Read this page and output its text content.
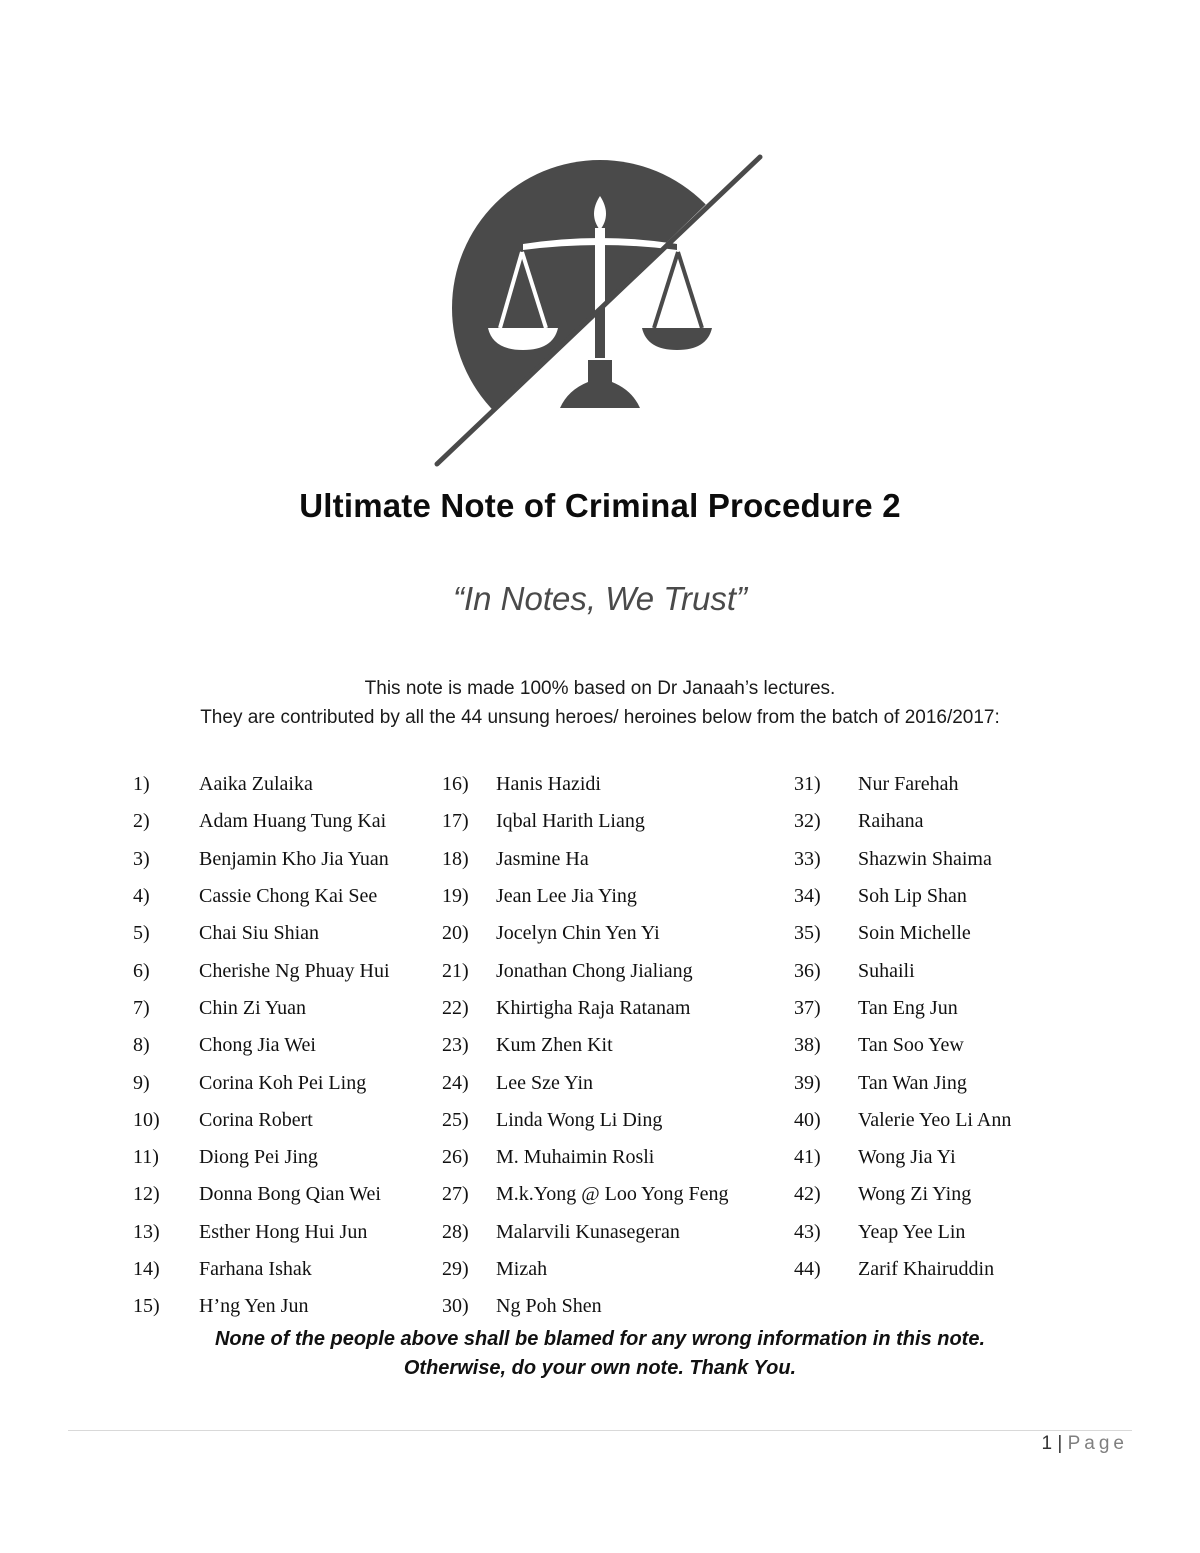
Ultimate Note of Criminal Procedure 2
“In Notes, We Trust”
This note is made 100% based on Dr Janaah’s lectures.
They are contributed by all the 44 unsung heroes/ heroines below from the batch of 2016/2017:
1)	Aaika Zulaika
2)	Adam Huang Tung Kai
3)	Benjamin Kho Jia Yuan
4)	Cassie Chong Kai See
5)	Chai Siu Shian
6)	Cherishe Ng Phuay Hui
7)	Chin Zi Yuan
8)	Chong Jia Wei
9)	Corina Koh Pei Ling
10)	Corina Robert
11)	Diong Pei Jing
12)	Donna Bong Qian Wei
13)	Esther Hong Hui Jun
14)	Farhana Ishak
15)	H’ng Yen Jun
16)	Hanis Hazidi
17)	Iqbal Harith Liang
18)	Jasmine Ha
19)	Jean Lee Jia Ying
20)	Jocelyn Chin Yen Yi
21)	Jonathan Chong Jialiang
22)	Khirtigha Raja Ratanam
23)	Kum Zhen Kit
24)	Lee Sze Yin
25)	Linda Wong Li Ding
26)	M. Muhaimin Rosli
27)	M.k.Yong @ Loo Yong Feng
28)	Malarvili Kunasegeran
29)	Mizah
30)	Ng Poh Shen
31)	Nur Farehah
32)	Raihana
33)	Shazwin Shaima
34)	Soh Lip Shan
35)	Soin Michelle
36)	Suhaili
37)	Tan Eng Jun
38)	Tan Soo Yew
39)	Tan Wan Jing
40)	Valerie Yeo Li Ann
41)	Wong Jia Yi
42)	Wong Zi Ying
43)	Yeap Yee Lin
44)	Zarif Khairuddin
None of the people above shall be blamed for any wrong information in this note.
Otherwise, do your own note. Thank You.
1 | Page
